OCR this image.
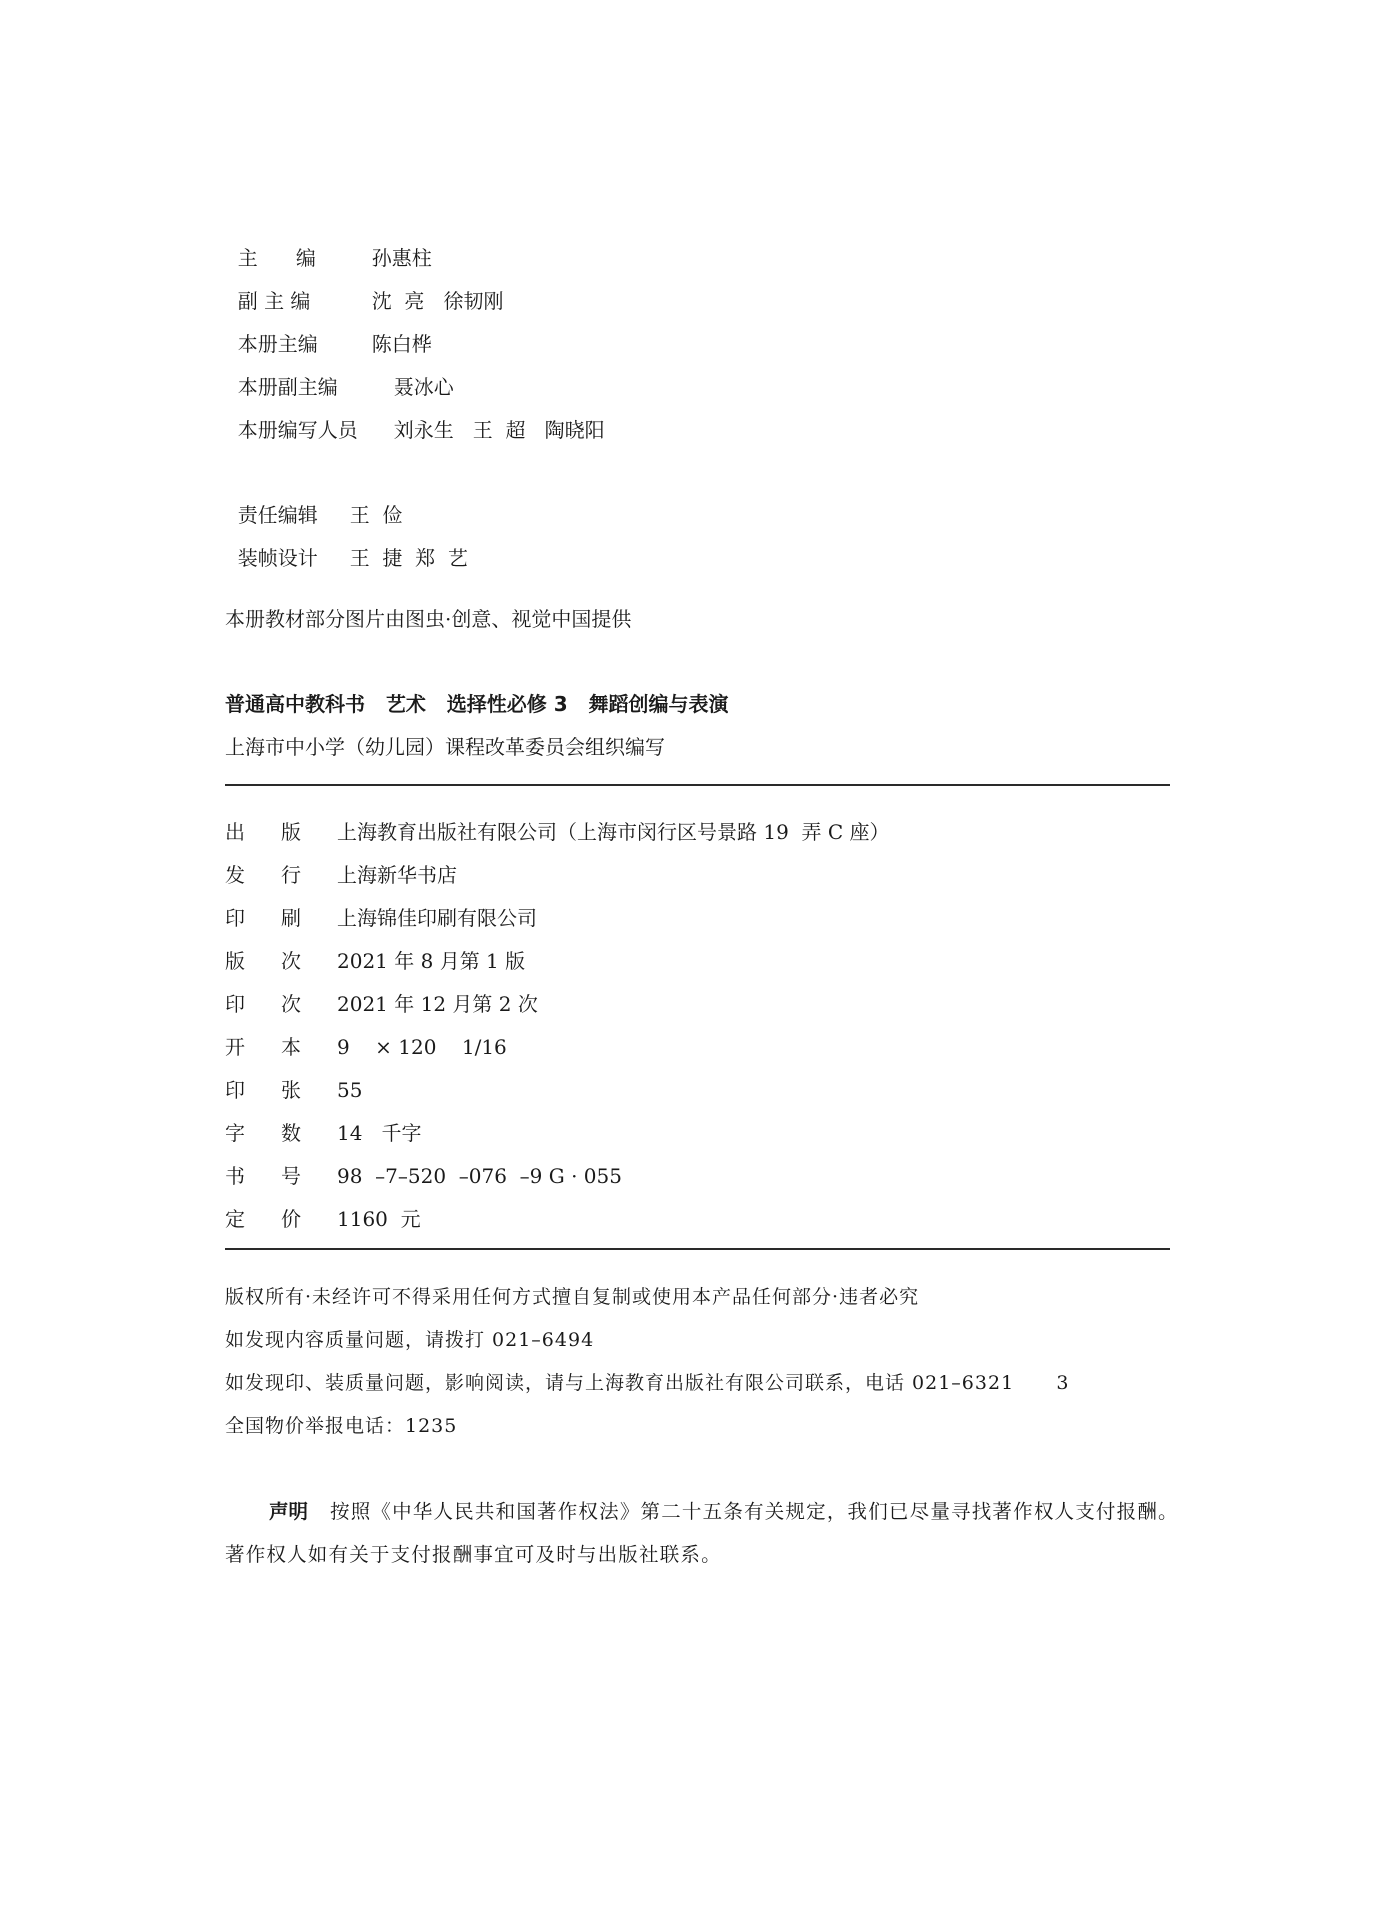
主      编	孙惠柱

副 主 编	沈  亮   徐韧刚

本册主编	陈白桦

本册副主编	聂冰心

本册编写人员 刘永生   王  超   陶晓阳

责任编辑 王  俭

装帧设计 王  捷  郑  艺

本册教材部分图片由图虫·创意、视觉中国提供
普通高中教科书   艺术   选择性必修 3   舞蹈创编与表演
上海市中小学（幼儿园）课程改革委员会组织编写
出 版 上海教育出版社有限公司（上海市闵行区号景路 19  弄 C 座）
发 行 上海新华书店
印 刷 上海锦佳印刷有限公司
版 次 2021 年 8 月第 1 版
印 次 2021 年 12 月第 2 次
开 本 9    × 120    1/16
印 张 55
字 数 14   千字
书 号 98  –7–520  –076  –9 G · 055
定 价 1160  元
版权所有·未经许可不得采用任何方式擅自复制或使用本产品任何部分·违者必究
如发现内容质量问题，请拨打 021–6494
如发现印、装质量问题，影响阅读，请与上海教育出版社有限公司联系，电话 021–6321      3
全国物价举报电话：1235
声明 按照《中华人民共和国著作权法》第二十五条有关规定，我们已尽量寻找著作权人支付报酬。著作权人如有关于支付报酬事宜可及时与出版社联系。
